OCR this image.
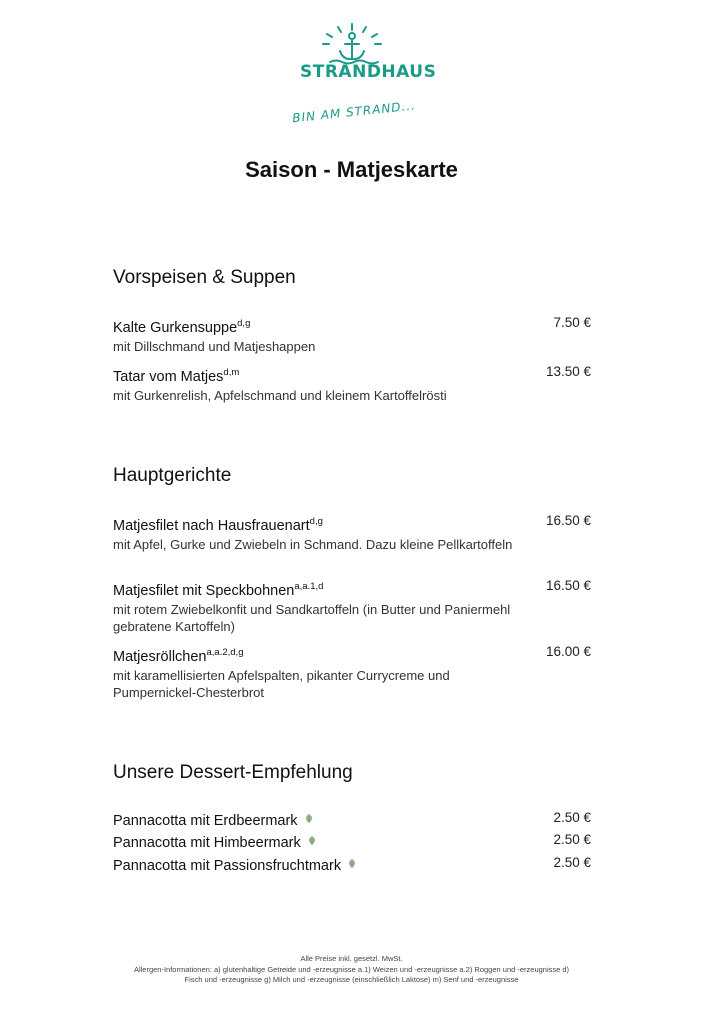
STRANDHAUS
BIN AM STRAND...
Saison - Matjeskarte
Vorspeisen & Suppen
Kalte Gurkensuppe$^{d,g}$
mit Dillschmand und Matjeshappen
7.50 €
Tatar vom Matjes$^{d,m}$
mit Gurkenrelish, Apfelschmand und kleinem Kartoffelrösti
13.50 €
Hauptgerichte
Matjesfilet nach Hausfrauenart$^{d,g}$
mit Apfel, Gurke und Zwiebeln in Schmand. Dazu kleine Pellkartoffeln
16.50 €
Matjesfilet mit Speckbohnen$^{a,a.1,d}$
mit rotem Zwiebelkonfit und Sandkartoffeln (in Butter und Paniermehl gebratene Kartoffeln)
16.50 €
Matjesröllchen$^{a,a.2,d,g}$
mit karamellisierten Apfelspalten, pikanter Currycreme und Pumpernickel-Chesterbrot
16.00 €
Unsere Dessert-Empfehlung
Pannacotta mit Erdbeermark	2.50 €
Pannacotta mit Himbeermark	2.50 €
Pannacotta mit Passionsfruchtmark	2.50 €
Alle Preise inkl. gesetzl. MwSt.
Allergen-Informationen: a) glutenhaltige Getreide und -erzeugnisse a.1) Weizen und -erzeugnisse a.2) Roggen und -erzeugnisse d)
Fisch und -erzeugnisse g) Milch und -erzeugnisse (einschließlich Laktose) m) Senf und -erzeugnisse
